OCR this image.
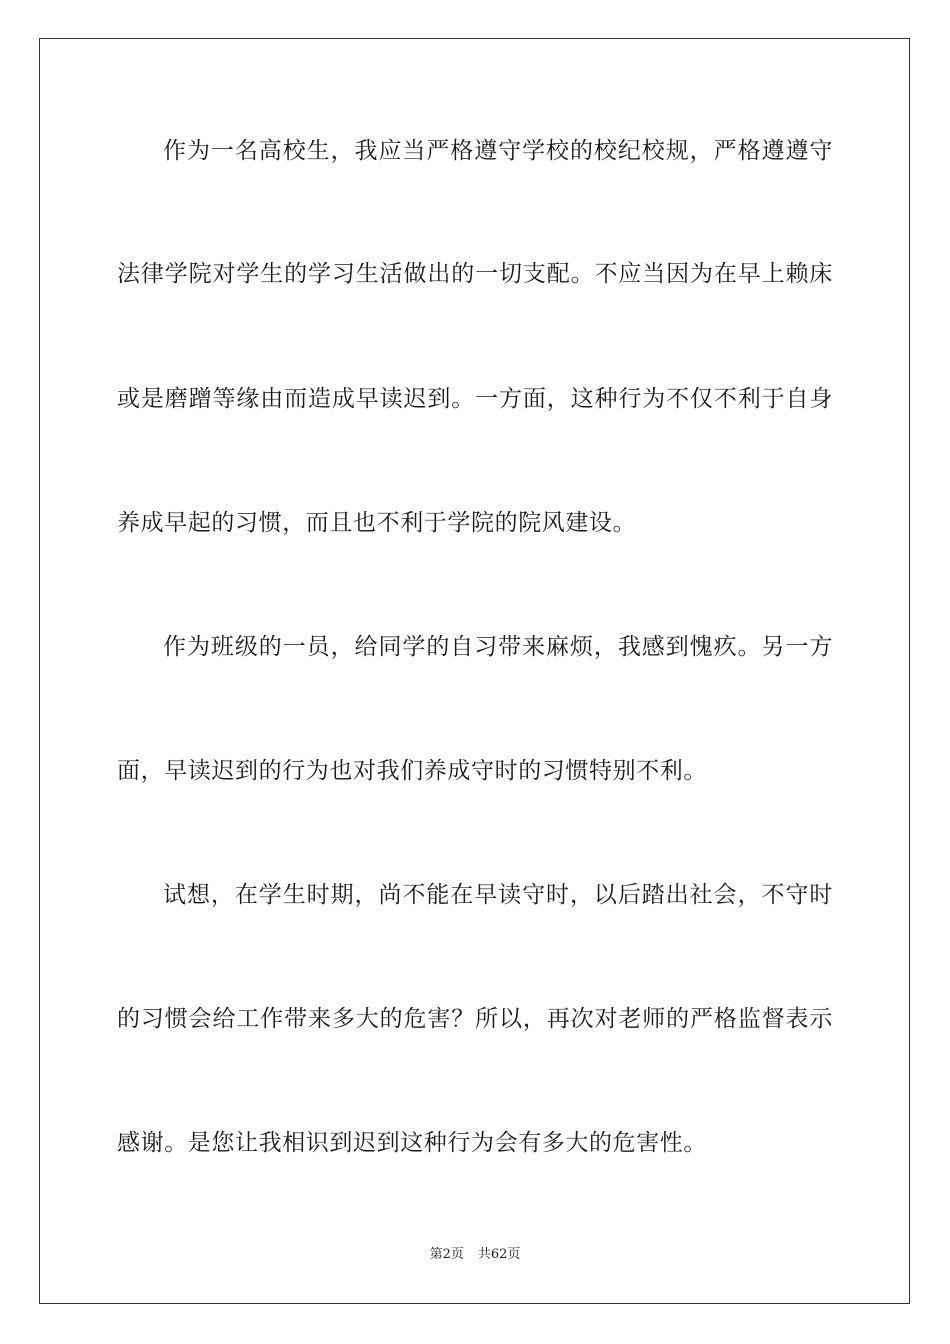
作为一名高校生，我应当严格遵守学校的校纪校规，严格遵遵守
法律学院对学生的学习生活做出的一切支配。不应当因为在早上赖床
或是磨蹭等缘由而造成早读迟到。一方面，这种行为不仅不利于自身
养成早起的习惯，而且也不利于学院的院风建设。
作为班级的一员，给同学的自习带来麻烦，我感到愧疚。另一方
面，早读迟到的行为也对我们养成守时的习惯特别不利。
试想，在学生时期，尚不能在早读守时，以后踏出社会，不守时
的习惯会给工作带来多大的危害？所以，再次对老师的严格监督表示
感谢。是您让我相识到迟到这种行为会有多大的危害性。
第2页 共62页
